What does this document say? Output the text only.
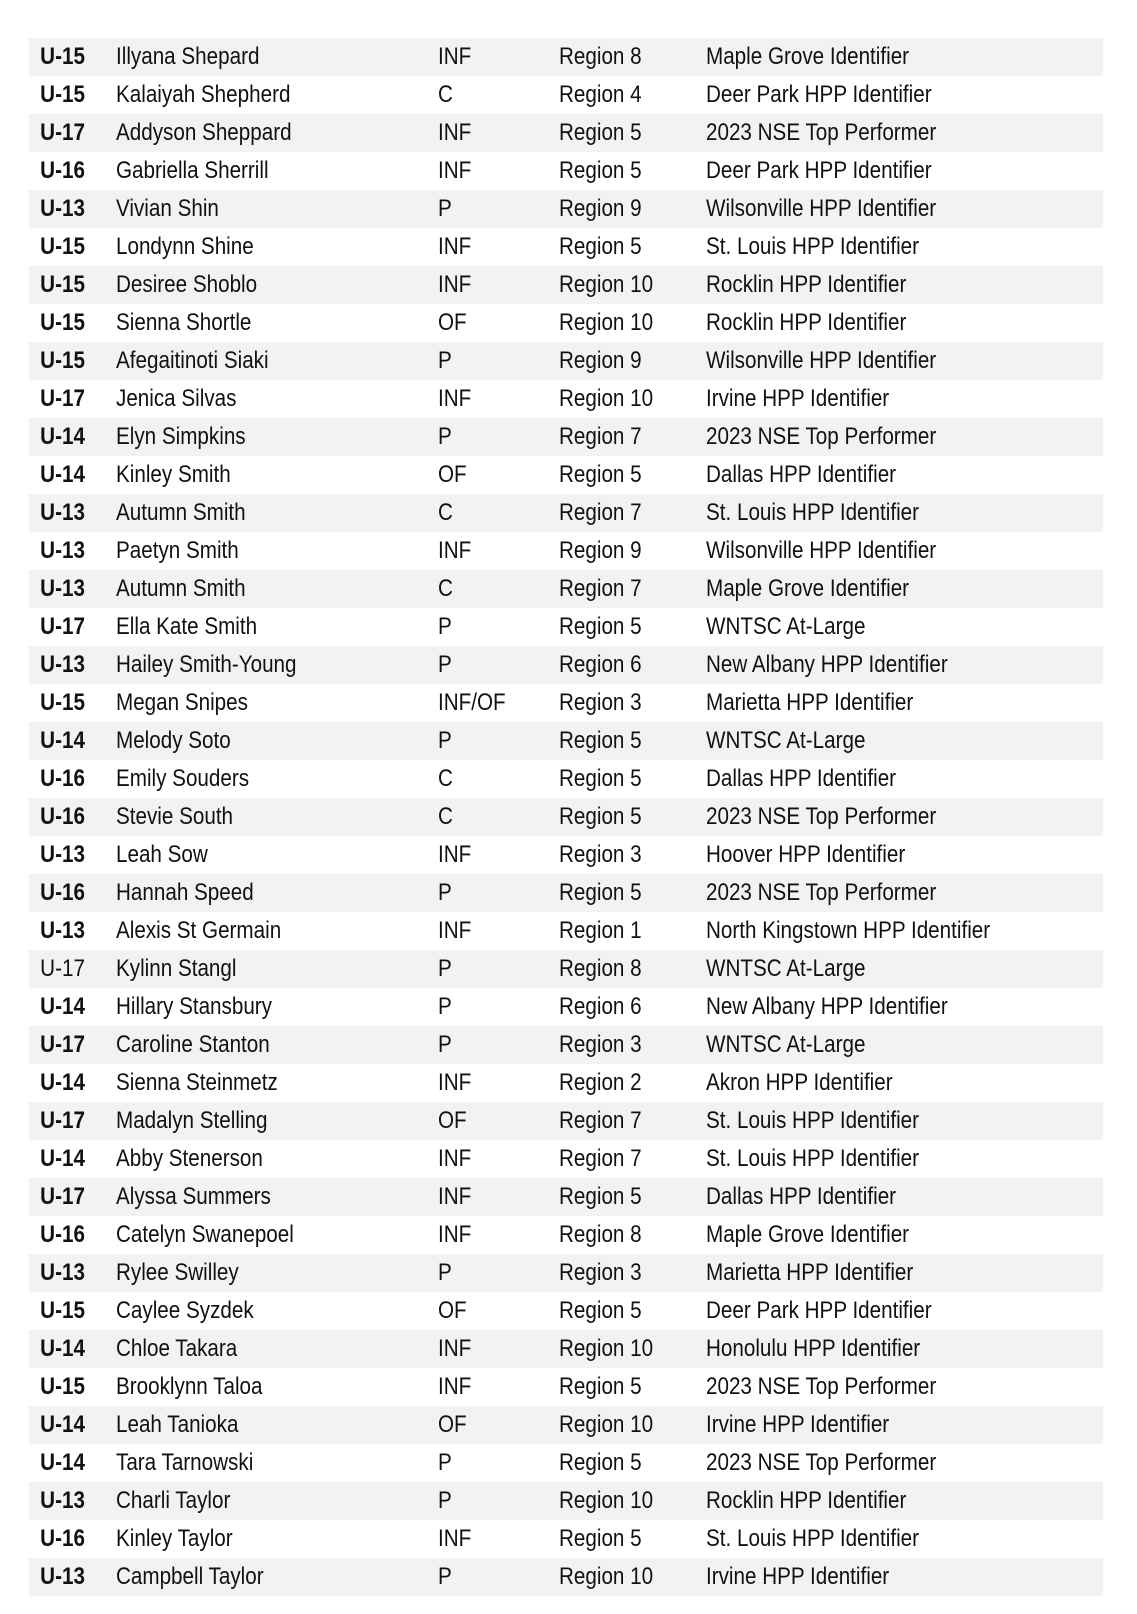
U-15	Illyana Shepard	INF	Region 8	Maple Grove Identifier
U-15	Kalaiyah Shepherd	C	Region 4	Deer Park HPP Identifier
U-17	Addyson Sheppard	INF	Region 5	2023 NSE Top Performer
U-16	Gabriella Sherrill	INF	Region 5	Deer Park HPP Identifier
U-13	Vivian Shin	P	Region 9	Wilsonville HPP Identifier
U-15	Londynn Shine	INF	Region 5	St. Louis HPP Identifier
U-15	Desiree Shoblo	INF	Region 10	Rocklin HPP Identifier
U-15	Sienna Shortle	OF	Region 10	Rocklin HPP Identifier
U-15	Afegaitinoti Siaki	P	Region 9	Wilsonville HPP Identifier
U-17	Jenica Silvas	INF	Region 10	Irvine HPP Identifier
U-14	Elyn Simpkins	P	Region 7	2023 NSE Top Performer
U-14	Kinley Smith	OF	Region 5	Dallas HPP Identifier
U-13	Autumn Smith	C	Region 7	St. Louis HPP Identifier
U-13	Paetyn Smith	INF	Region 9	Wilsonville HPP Identifier
U-13	Autumn Smith	C	Region 7	Maple Grove Identifier
U-17	Ella Kate Smith	P	Region 5	WNTSC At-Large
U-13	Hailey Smith-Young	P	Region 6	New Albany HPP Identifier
U-15	Megan Snipes	INF/OF	Region 3	Marietta HPP Identifier
U-14	Melody Soto	P	Region 5	WNTSC At-Large
U-16	Emily Souders	C	Region 5	Dallas HPP Identifier
U-16	Stevie South	C	Region 5	2023 NSE Top Performer
U-13	Leah Sow	INF	Region 3	Hoover HPP Identifier
U-16	Hannah Speed	P	Region 5	2023 NSE Top Performer
U-13	Alexis St Germain	INF	Region 1	North Kingstown HPP Identifier
U-17	Kylinn Stangl	P	Region 8	WNTSC At-Large
U-14	Hillary Stansbury	P	Region 6	New Albany HPP Identifier
U-17	Caroline Stanton	P	Region 3	WNTSC At-Large
U-14	Sienna Steinmetz	INF	Region 2	Akron HPP Identifier
U-17	Madalyn Stelling	OF	Region 7	St. Louis HPP Identifier
U-14	Abby Stenerson	INF	Region 7	St. Louis HPP Identifier
U-17	Alyssa Summers	INF	Region 5	Dallas HPP Identifier
U-16	Catelyn Swanepoel	INF	Region 8	Maple Grove Identifier
U-13	Rylee Swilley	P	Region 3	Marietta HPP Identifier
U-15	Caylee Syzdek	OF	Region 5	Deer Park HPP Identifier
U-14	Chloe Takara	INF	Region 10	Honolulu HPP Identifier
U-15	Brooklynn Taloa	INF	Region 5	2023 NSE Top Performer
U-14	Leah Tanioka	OF	Region 10	Irvine HPP Identifier
U-14	Tara Tarnowski	P	Region 5	2023 NSE Top Performer
U-13	Charli Taylor	P	Region 10	Rocklin HPP Identifier
U-16	Kinley Taylor	INF	Region 5	St. Louis HPP Identifier
U-13	Campbell Taylor	P	Region 10	Irvine HPP Identifier
